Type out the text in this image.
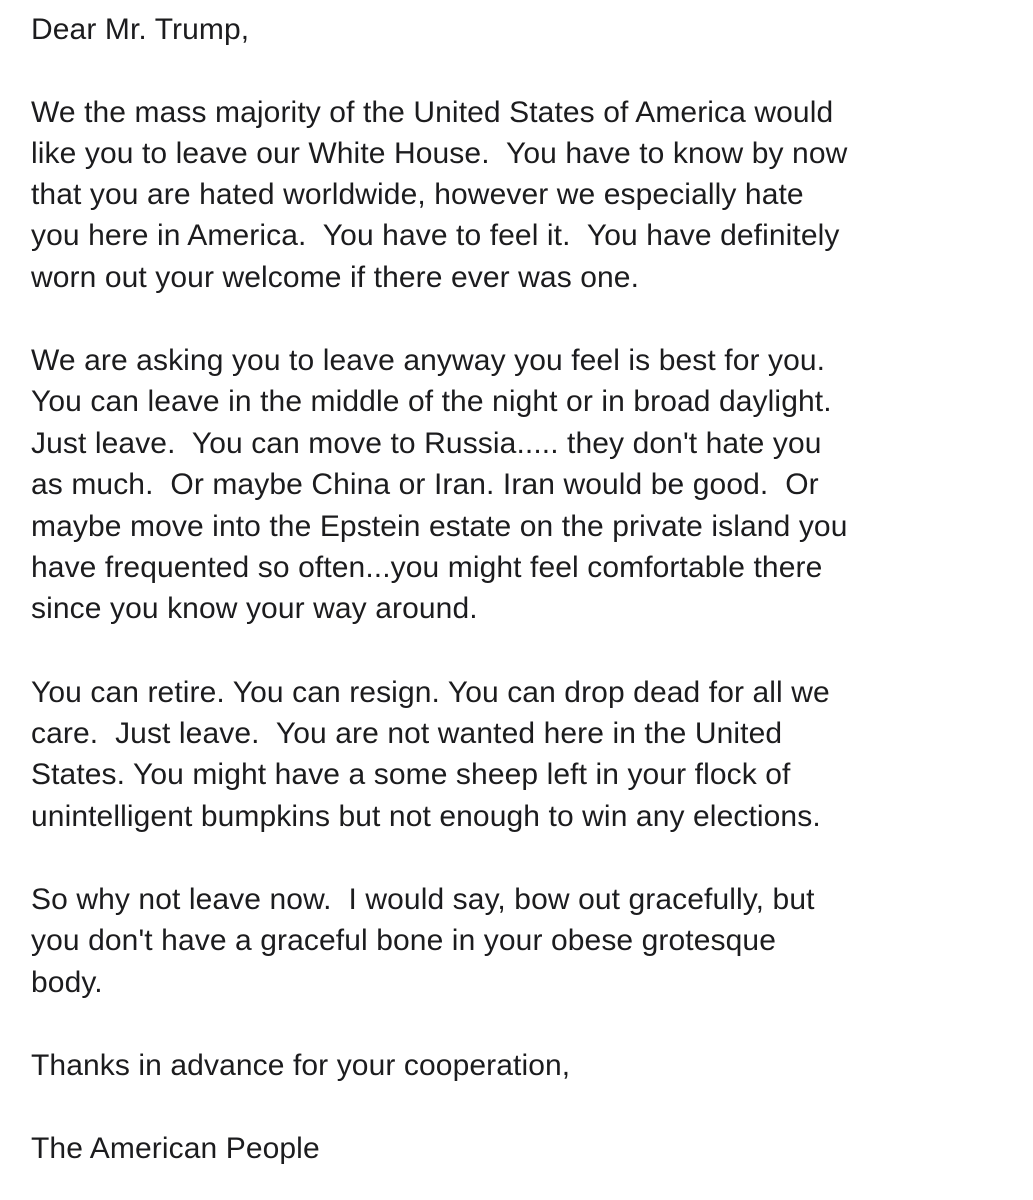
Dear Mr. Trump,

We the mass majority of the United States of America would

like you to leave our White House.  You have to know by now

that you are hated worldwide, however we especially hate

you here in America.  You have to feel it.  You have definitely

worn out your welcome if there ever was one.

We are asking you to leave anyway you feel is best for you.

You can leave in the middle of the night or in broad daylight.

Just leave.  You can move to Russia..... they don't hate you

as much.  Or maybe China or Iran. Iran would be good.  Or

maybe move into the Epstein estate on the private island you

have frequented so often...you might feel comfortable there

since you know your way around.

You can retire. You can resign. You can drop dead for all we

care.  Just leave.  You are not wanted here in the United

States. You might have a some sheep left in your flock of

unintelligent bumpkins but not enough to win any elections.

So why not leave now.  I would say, bow out gracefully, but

you don't have a graceful bone in your obese grotesque

body.

Thanks in advance for your cooperation,

The American People
